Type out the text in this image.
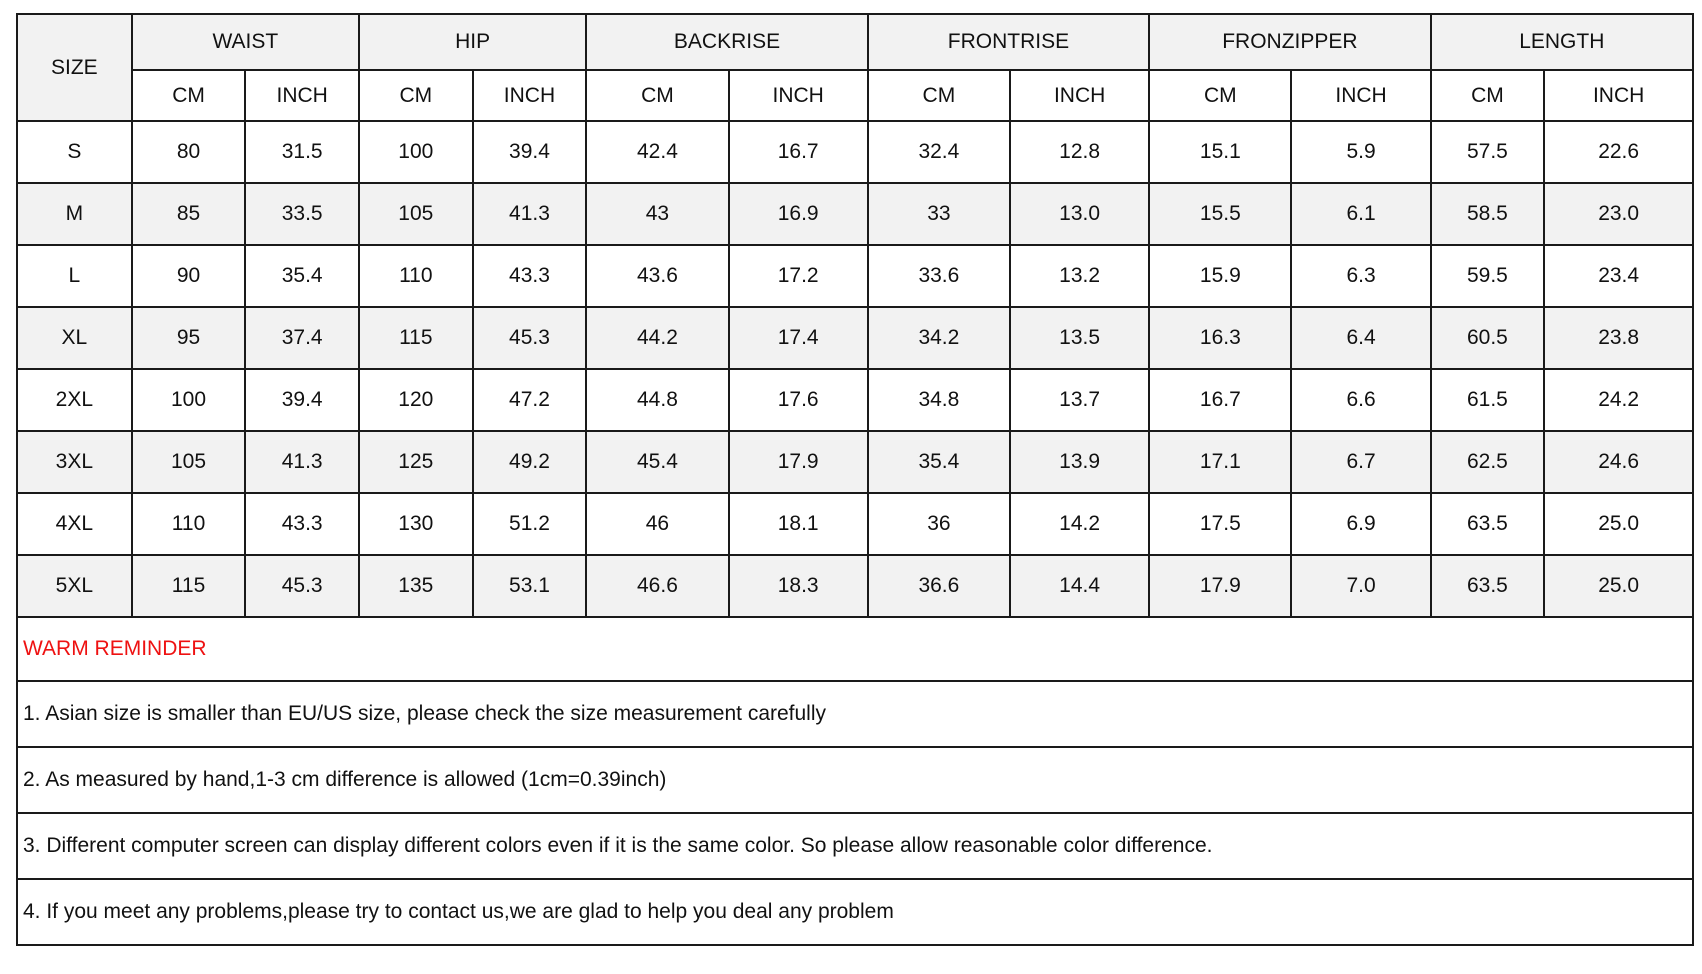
SIZE	WAIST		HIP		BACKRISE		FRONTRISE		FRONZIPPER		LENGTH	
	CM	INCH	CM	INCH	CM	INCH	CM	INCH	CM	INCH	CM	INCH
S	80	31.5	100	39.4	42.4	16.7	32.4	12.8	15.1	5.9	57.5	22.6
M	85	33.5	105	41.3	43	16.9	33	13.0	15.5	6.1	58.5	23.0
L	90	35.4	110	43.3	43.6	17.2	33.6	13.2	15.9	6.3	59.5	23.4
XL	95	37.4	115	45.3	44.2	17.4	34.2	13.5	16.3	6.4	60.5	23.8
2XL	100	39.4	120	47.2	44.8	17.6	34.8	13.7	16.7	6.6	61.5	24.2
3XL	105	41.3	125	49.2	45.4	17.9	35.4	13.9	17.1	6.7	62.5	24.6
4XL	110	43.3	130	51.2	46	18.1	36	14.2	17.5	6.9	63.5	25.0
5XL	115	45.3	135	53.1	46.6	18.3	36.6	14.4	17.9	7.0	63.5	25.0
WARM REMINDER
1. Asian size is smaller than EU/US size, please check the size measurement carefully
2. As measured by hand,1-3 cm difference is allowed (1cm=0.39inch)
3. Different computer screen can display different colors even if it is the same color. So please allow reasonable color difference.
4. If you meet any problems,please try to contact us,we are glad to help you deal any problem
